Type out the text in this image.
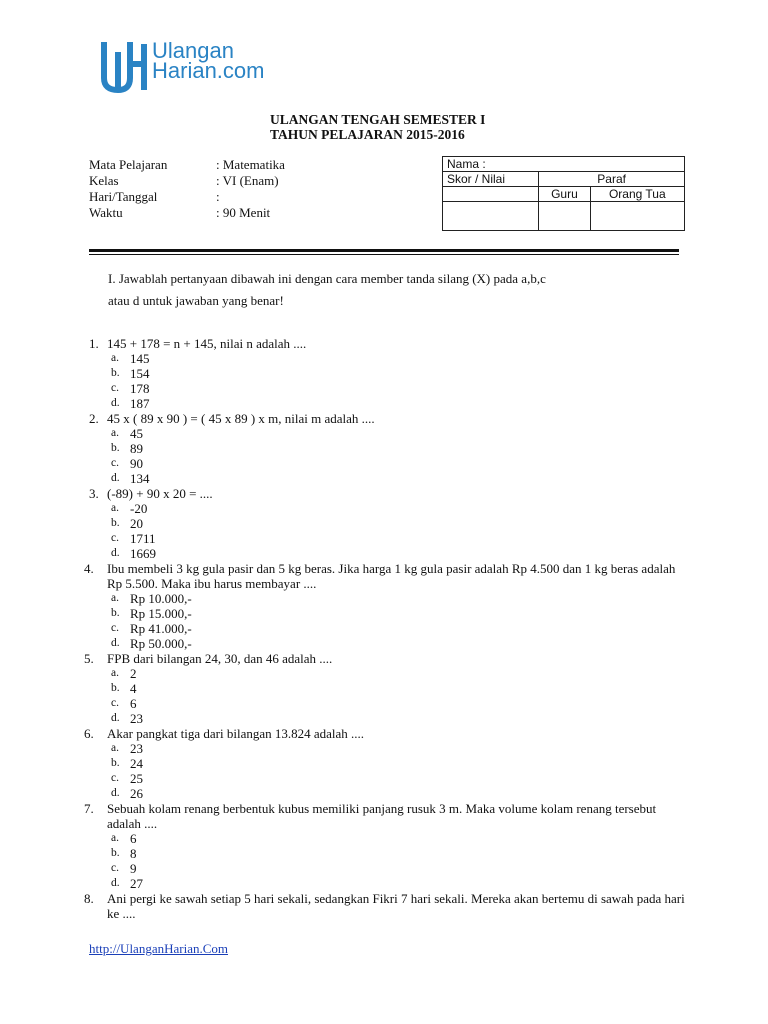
Ulangan
Harian.com
ULANGAN TENGAH SEMESTER I
TAHUN PELAJARAN 2015-2016
Mata Pelajaran	: Matematika
Kelas	: VI (Enam)
Hari/Tanggal	:
Waktu	: 90 Menit
Nama :		
Skor / Nilai	Paraf	
	Guru	Orang Tua

I. Jawablah pertanyaan dibawah ini dengan cara member tanda silang (X) pada a,b,c
atau d untuk jawaban yang benar!
1. 145 + 178 = n + 145, nilai n adalah ....
a. 145
b. 154
c. 178
d. 187
2. 45 x ( 89 x 90 ) = ( 45 x 89 ) x m, nilai m adalah ....
a. 45
b. 89
c. 90
d. 134
3. (-89) + 90 x 20 = ....
a. -20
b. 20
c. 1711
d. 1669
4. Ibu membeli 3 kg gula pasir dan 5 kg beras. Jika harga 1 kg gula pasir adalah Rp 4.500 dan 1 kg beras adalah Rp 5.500. Maka ibu harus membayar ....
a. Rp 10.000,-
b. Rp 15.000,-
c. Rp 41.000,-
d. Rp 50.000,-
5. FPB dari bilangan 24, 30, dan 46 adalah ....
a. 2
b. 4
c. 6
d. 23
6. Akar pangkat tiga dari bilangan 13.824 adalah ....
a. 23
b. 24
c. 25
d. 26
7. Sebuah kolam renang berbentuk kubus memiliki panjang rusuk 3 m. Maka volume kolam renang tersebut adalah ....
a. 6
b. 8
c. 9
d. 27
8. Ani pergi ke sawah setiap 5 hari sekali, sedangkan Fikri 7 hari sekali. Mereka akan bertemu di sawah pada hari ke ....
http://UlanganHarian.Com
